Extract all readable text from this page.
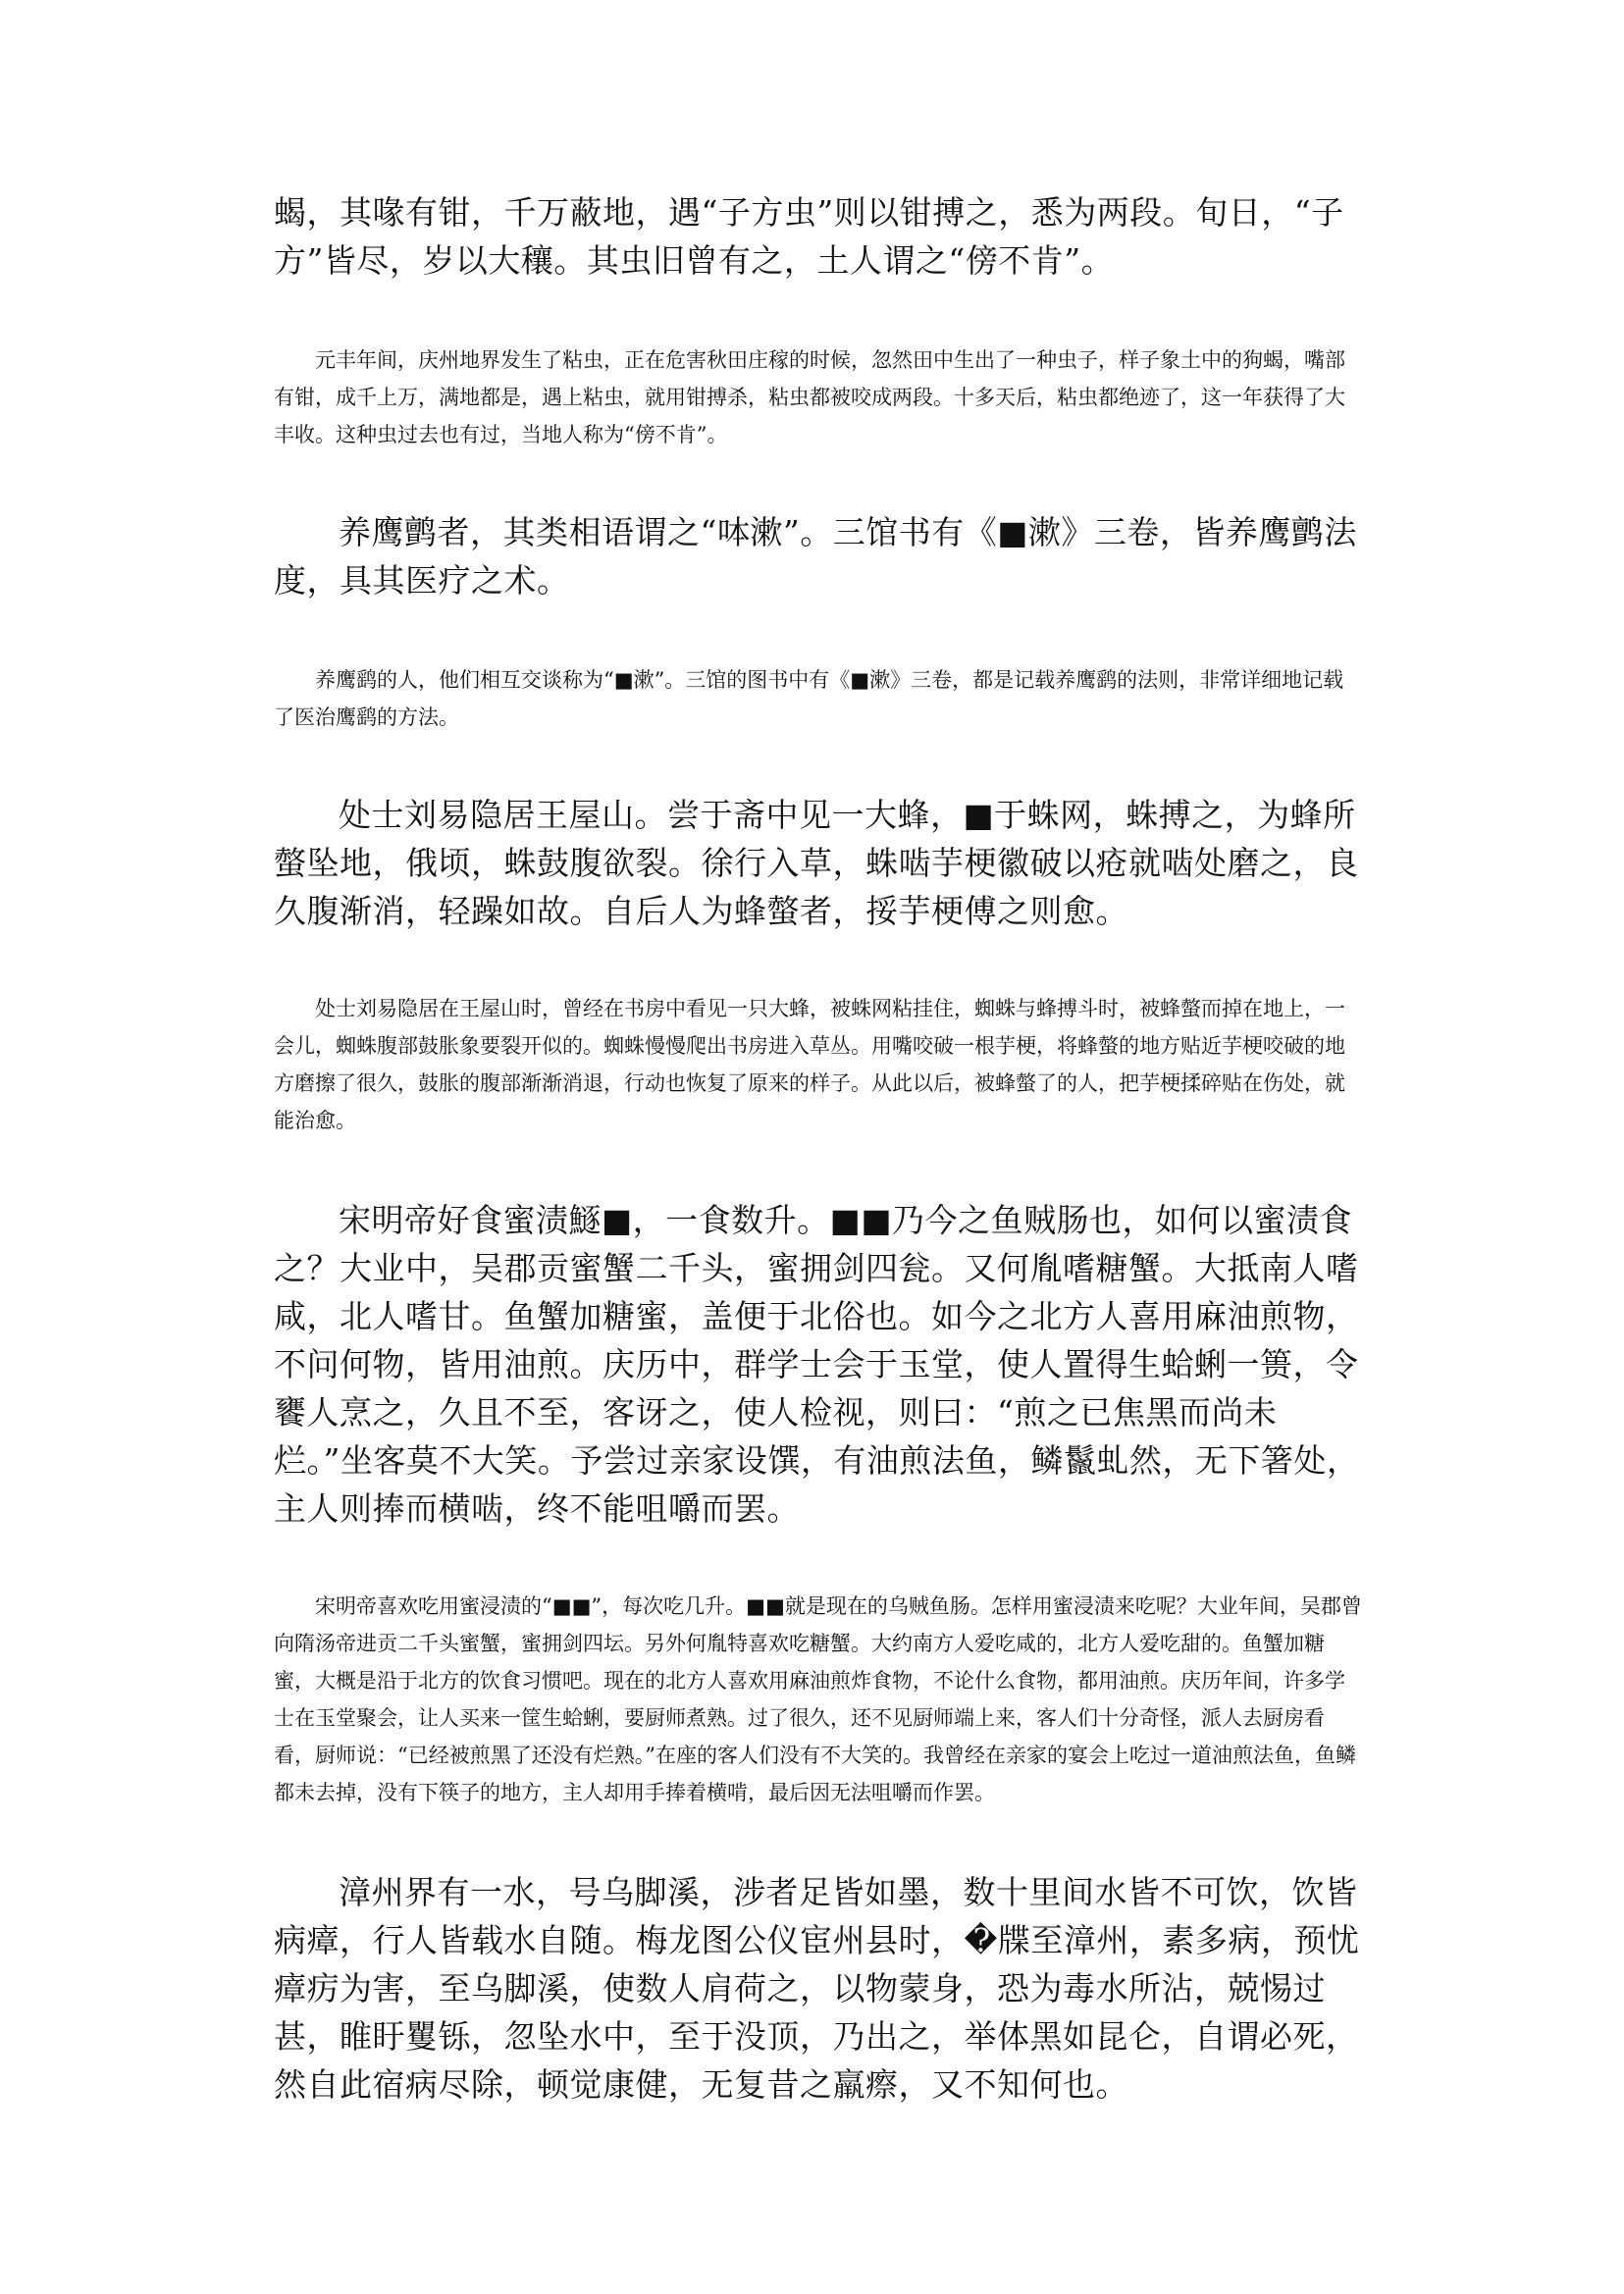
蝎，其喙有钳，千万蔽地，遇“子方虫”则以钳搏之，悉为两段。旬日，“子方”皆尽，岁以大穰。其虫旧曾有之，土人谓之“傍不肯”。

元丰年间，庆州地界发生了粘虫，正在危害秋田庄稼的时候，忽然田中生出了一种虫子，样子象土中的狗蝎，嘴部有钳，成千上万，满地都是，遇上粘虫，就用钳搏杀，粘虫都被咬成两段。十多天后，粘虫都绝迹了，这一年获得了大丰收。这种虫过去也有过，当地人称为“傍不肯”。

养鹰鹯者，其类相语谓之“呠漱”。三馆书有《■漱》三卷，皆养鹰鹯法度，具其医疗之术。

养鹰鹞的人，他们相互交谈称为“■漱”。三馆的图书中有《■漱》三卷，都是记载养鹰鹞的法则，非常详细地记载了医治鹰鹞的方法。

处士刘易隐居王屋山。尝于斋中见一大蜂，■于蛛网，蛛搏之，为蜂所螫坠地，俄顷，蛛鼓腹欲裂。徐行入草，蛛啮芋梗徽破以疮就啮处磨之，良久腹渐消，轻躁如故。自后人为蜂螫者，挼芋梗傅之则愈。

处士刘易隐居在王屋山时，曾经在书房中看见一只大蜂，被蛛网粘挂住，蜘蛛与蜂搏斗时，被蜂螫而掉在地上，一会儿，蜘蛛腹部鼓胀象要裂开似的。蜘蛛慢慢爬出书房进入草丛。用嘴咬破一根芋梗，将蜂螫的地方贴近芋梗咬破的地方磨擦了很久，鼓胀的腹部渐渐消退，行动也恢复了原来的样子。从此以后，被蜂螫了的人，把芋梗揉碎贴在伤处，就能治愈。

宋明帝好食蜜渍鱁■，一食数升。■■乃今之鱼贼肠也，如何以蜜渍食之？大业中，吴郡贡蜜蟹二千头，蜜拥剑四瓮。又何胤嗜糖蟹。大抵南人嗜咸，北人嗜甘。鱼蟹加糖蜜，盖便于北俗也。如今之北方人喜用麻油煎物，不问何物，皆用油煎。庆历中，群学士会于玉堂，使人置得生蛤蜊一篑，令饔人烹之，久且不至，客讶之，使人检视，则曰：“煎之已焦黑而尚未烂。”坐客莫不大笑。予尝过亲家设馔，有油煎法鱼，鳞鬣虬然，无下箸处，主人则捧而横啮，终不能咀嚼而罢。

宋明帝喜欢吃用蜜浸渍的“■■”，每次吃几升。■■就是现在的乌贼鱼肠。怎样用蜜浸渍来吃呢？大业年间，吴郡曾向隋汤帝进贡二千头蜜蟹，蜜拥剑四坛。另外何胤特喜欢吃糖蟹。大约南方人爱吃咸的，北方人爱吃甜的。鱼蟹加糖蜜，大概是沿于北方的饮食习惯吧。现在的北方人喜欢用麻油煎炸食物，不论什么食物，都用油煎。庆历年间，许多学士在玉堂聚会，让人买来一筐生蛤蜊，要厨师煮熟。过了很久，还不见厨师端上来，客人们十分奇怪，派人去厨房看看，厨师说：“已经被煎黑了还没有烂熟。”在座的客人们没有不大笑的。我曾经在亲家的宴会上吃过一道油煎法鱼，鱼鳞都未去掉，没有下筷子的地方，主人却用手捧着横啃，最后因无法咀嚼而作罢。

漳州界有一水，号乌脚溪，涉者足皆如墨，数十里间水皆不可饮，饮皆病瘴，行人皆载水自随。梅龙图公仪宦州县时，�牒至漳州，素多病，预忧瘴疠为害，至乌脚溪，使数人肩荷之，以物蒙身，恐为毒水所沾，兢惕过甚，睢盱矍铄，忽坠水中，至于没顶，乃出之，举体黑如昆仑，自谓必死，然自此宿病尽除，顿觉康健，无复昔之羸瘵，又不知何也。
